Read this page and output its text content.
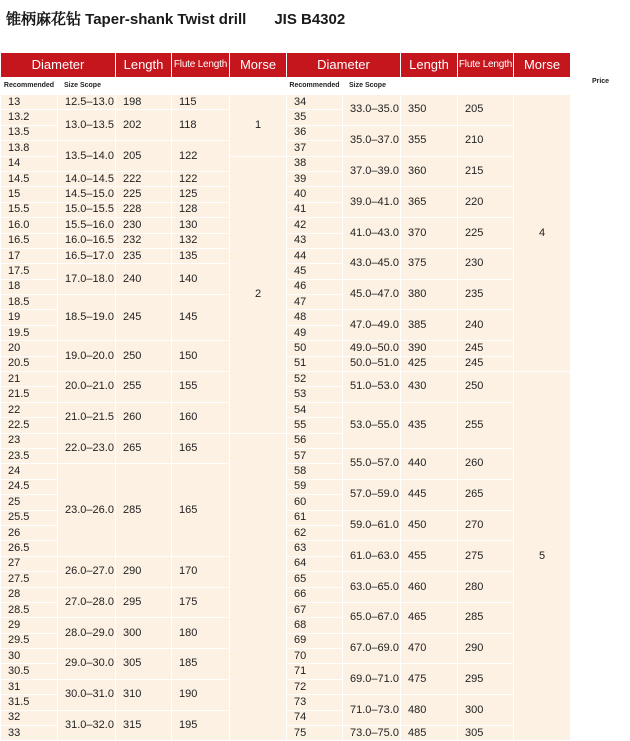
锥柄麻花钻 Taper-shank Twist drill JIS B4302
Diameter		Length	Flute Length	Morse	Diameter		Length	Flute Length	Morse	Price

Recommended	Size Scope				Recommended	Size Scope				
13	12.5–13.0	198	115	1	34	33.0–35.0	350	205	4	
13.2	13.0–13.5	202	118		35					
13.5					36	35.0–37.0	355	210		
13.8	13.5–14.0	205	122		37					
14				2	38	37.0–39.0	360	215		
14.5	14.0–14.5	222	122		39					
15	14.5–15.0	225	125		40	39.0–41.0	365	220		
15.5	15.0–15.5	228	128		41					
16.0	15.5–16.0	230	130		42	41.0–43.0	370	225		
16.5	16.0–16.5	232	132		43					
17	16.5–17.0	235	135		44	43.0–45.0	375	230		
17.5	17.0–18.0	240	140		45					
18					46	45.0–47.0	380	235		
18.5	18.5–19.0	245	145		47					
19					48	47.0–49.0	385	240		
19.5					49					
20	19.0–20.0	250	150		50	49.0–50.0	390	245		
20.5					51	50.0–51.0	425	245		
21	20.0–21.0	255	155		52	51.0–53.0	430	250	5	
21.5					53					
22	21.0–21.5	260	160		54	53.0–55.0	435	255		
22.5					55					
23	22.0–23.0	265	165		56					
23.5					57	55.0–57.0	440	260		
24	23.0–26.0	285	165		58					
24.5					59	57.0–59.0	445	265		
25					60					
25.5					61	59.0–61.0	450	270		
26					62					
26.5					63	61.0–63.0	455	275		
27	26.0–27.0	290	170		64					
27.5					65	63.0–65.0	460	280		
28	27.0–28.0	295	175		66					
28.5					67	65.0–67.0	465	285		
29	28.0–29.0	300	180		68					
29.5					69	67.0–69.0	470	290		
30	29.0–30.0	305	185		70					
30.5					71	69.0–71.0	475	295		
31	30.0–31.0	310	190		72					
31.5					73	71.0–73.0	480	300		
32	31.0–32.0	315	195		74					
33					75	73.0–75.0	485	305		
